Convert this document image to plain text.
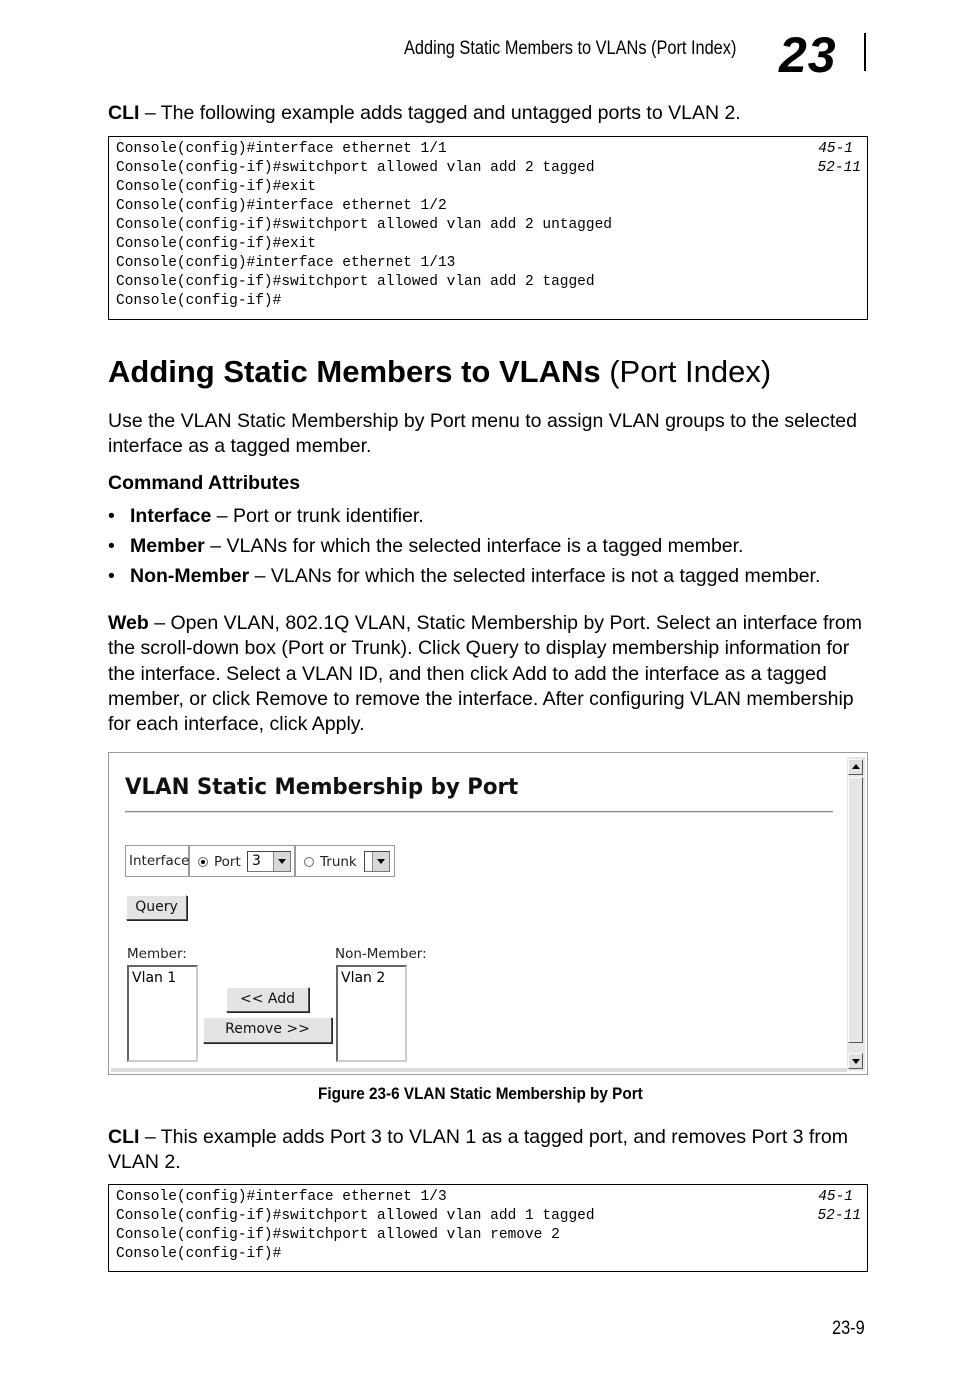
Adding Static Members to VLANs (Port Index) 23
CLI – The following example adds tagged and untagged ports to VLAN 2.
Console(config)#interface ethernet 1/1
Console(config-if)#switchport allowed vlan add 2 tagged
Console(config-if)#exit
Console(config)#interface ethernet 1/2
Console(config-if)#switchport allowed vlan add 2 untagged
Console(config-if)#exit
Console(config)#interface ethernet 1/13
Console(config-if)#switchport allowed vlan add 2 tagged
Console(config-if)#
45-1
52-11
Adding Static Members to VLANs (Port Index)
Use the VLAN Static Membership by Port menu to assign VLAN groups to the selected interface as a tagged member.
Command Attributes
• Interface – Port or trunk identifier.
• Member – VLANs for which the selected interface is a tagged member.
• Non-Member – VLANs for which the selected interface is not a tagged member.
Web – Open VLAN, 802.1Q VLAN, Static Membership by Port. Select an interface from the scroll-down box (Port or Trunk). Click Query to display membership information for the interface. Select a VLAN ID, and then click Add to add the interface as a tagged member, or click Remove to remove the interface. After configuring VLAN membership for each interface, click Apply.
VLAN Static Membership by Port
Interface Port 3	Trunk
Query
Member:
Vlan 1
<< Add
Remove >>
Non-Member:
Vlan 2
Figure 23-6 VLAN Static Membership by Port
CLI – This example adds Port 3 to VLAN 1 as a tagged port, and removes Port 3 from VLAN 2.
Console(config)#interface ethernet 1/3
Console(config-if)#switchport allowed vlan add 1 tagged
Console(config-if)#switchport allowed vlan remove 2
Console(config-if)#
45-1
52-11
23-9
